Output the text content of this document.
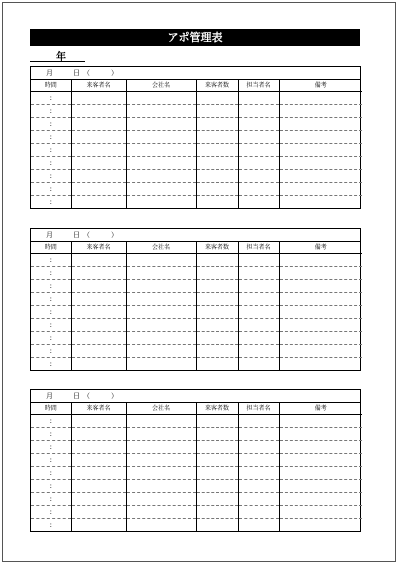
アポ管理表
年
月	日 （	）
時間	来客者名	会社名	来客者数	担当者名	備考
:					
:					
:					
:					
:					
:					
:					
:					
:					
月	日 （	）
時間	来客者名	会社名	来客者数	担当者名	備考
:					
:					
:					
:					
:					
:					
:					
:					
:					
月	日 （	）
時間	来客者名	会社名	来客者数	担当者名	備考
:					
:					
:					
:					
:					
:					
:					
:					
:					
